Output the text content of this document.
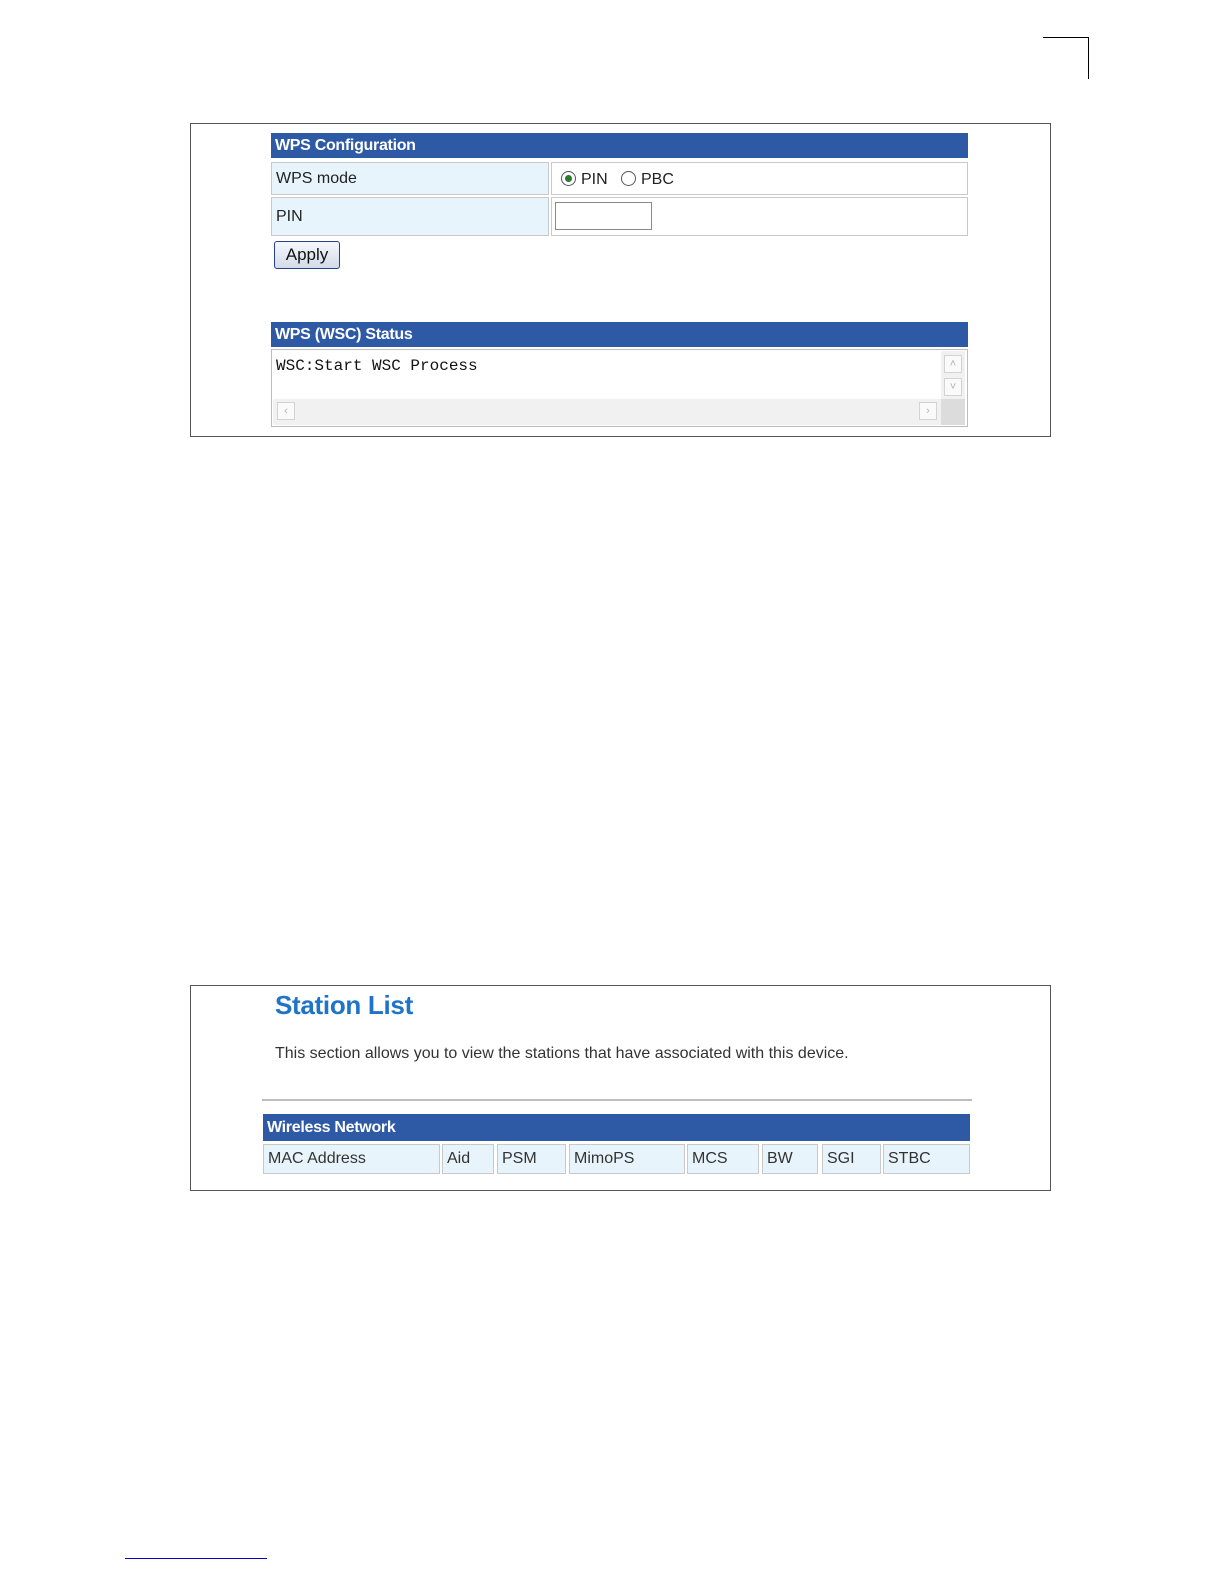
WPS Configuration
WPS mode	PIN PBC
PIN
Apply
WPS (WSC) Status
WSC:Start WSC Process	˄
˅
‹	›
Station List
This section allows you to view the stations that have associated with this device.
Wireless Network
MAC Address	Aid	PSM	MimoPS	MCS	BW	SGI	STBC
